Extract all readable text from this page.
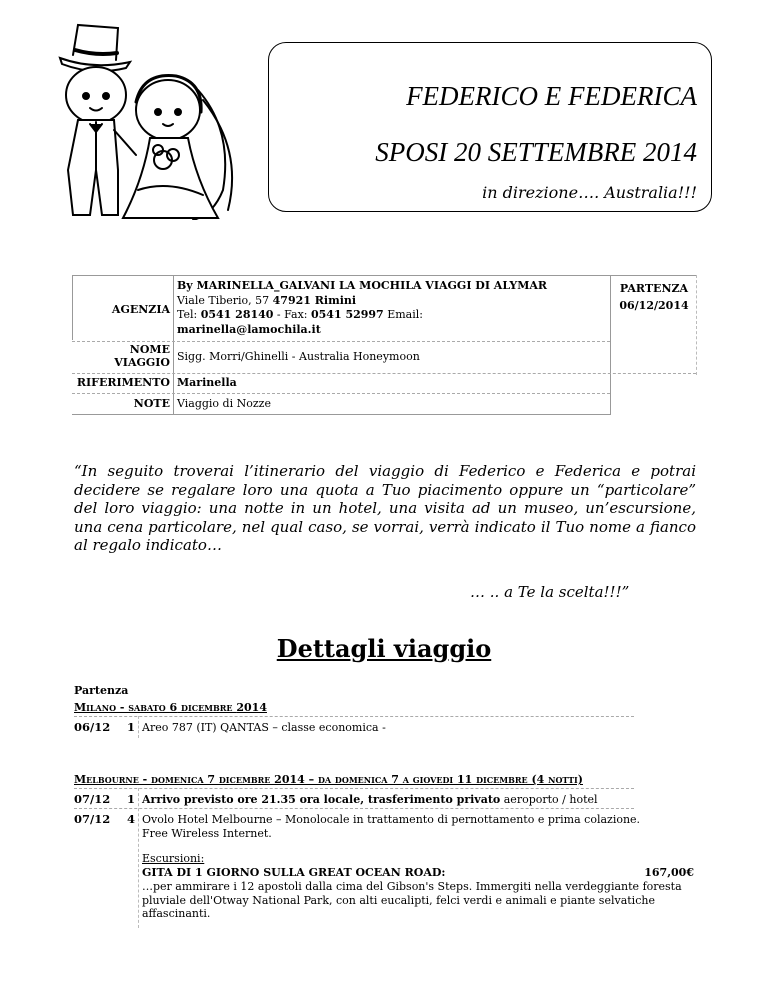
FEDERICO E FEDERICA
SPOSI 20 SETTEMBRE 2014
in direzione…. Australia!!!
AGENZIA
By MARINELLA_GALVANI LA MOCHILA VIAGGI DI ALYMAR
Viale Tiberio, 57 47921 Rimini
Tel: 0541 28140 - Fax: 0541 52997 Email:
marinella@lamochila.it
NOME
VIAGGIO Sigg. Morri/Ghinelli - Australia Honeymoon
RIFERIMENTO Marinella
NOTE Viaggio di Nozze
PARTENZA
06/12/2014
“In seguito troverai l’itinerario del viaggio di Federico e Federica e potrai decidere se regalare loro una quota a Tuo piacimento oppure un “particolare” del loro viaggio: una notte in un hotel, una visita ad un museo, un’escursione, una cena particolare, nel qual caso, se vorrai, verrà indicato il Tuo nome a fianco al regalo indicato…
… .. a Te la scelta!!!”
Dettagli viaggio
Partenza
Milano - sabato 6 dicembre 2014
06/12 1 Areo 787 (IT) QANTAS – classe economica -
Melbourne - domenica 7 dicembre 2014 – da domenica 7 a giovedi 11 dicembre (4 notti)
07/12 1 Arrivo previsto ore 21.35 ora locale, trasferimento privato aeroporto / hotel
07/12 4 Ovolo Hotel Melbourne – Monolocale in trattamento di pernottamento e prima colazione. Free Wireless Internet.
Escursioni:
GITA DI 1 GIORNO SULLA GREAT OCEAN ROAD:	167,00€
…per ammirare i 12 apostoli dalla cima del Gibson's Steps. Immergiti nella verdeggiante foresta pluviale dell'Otway National Park, con alti eucalipti, felci verdi e animali e piante selvatiche affascinanti.
